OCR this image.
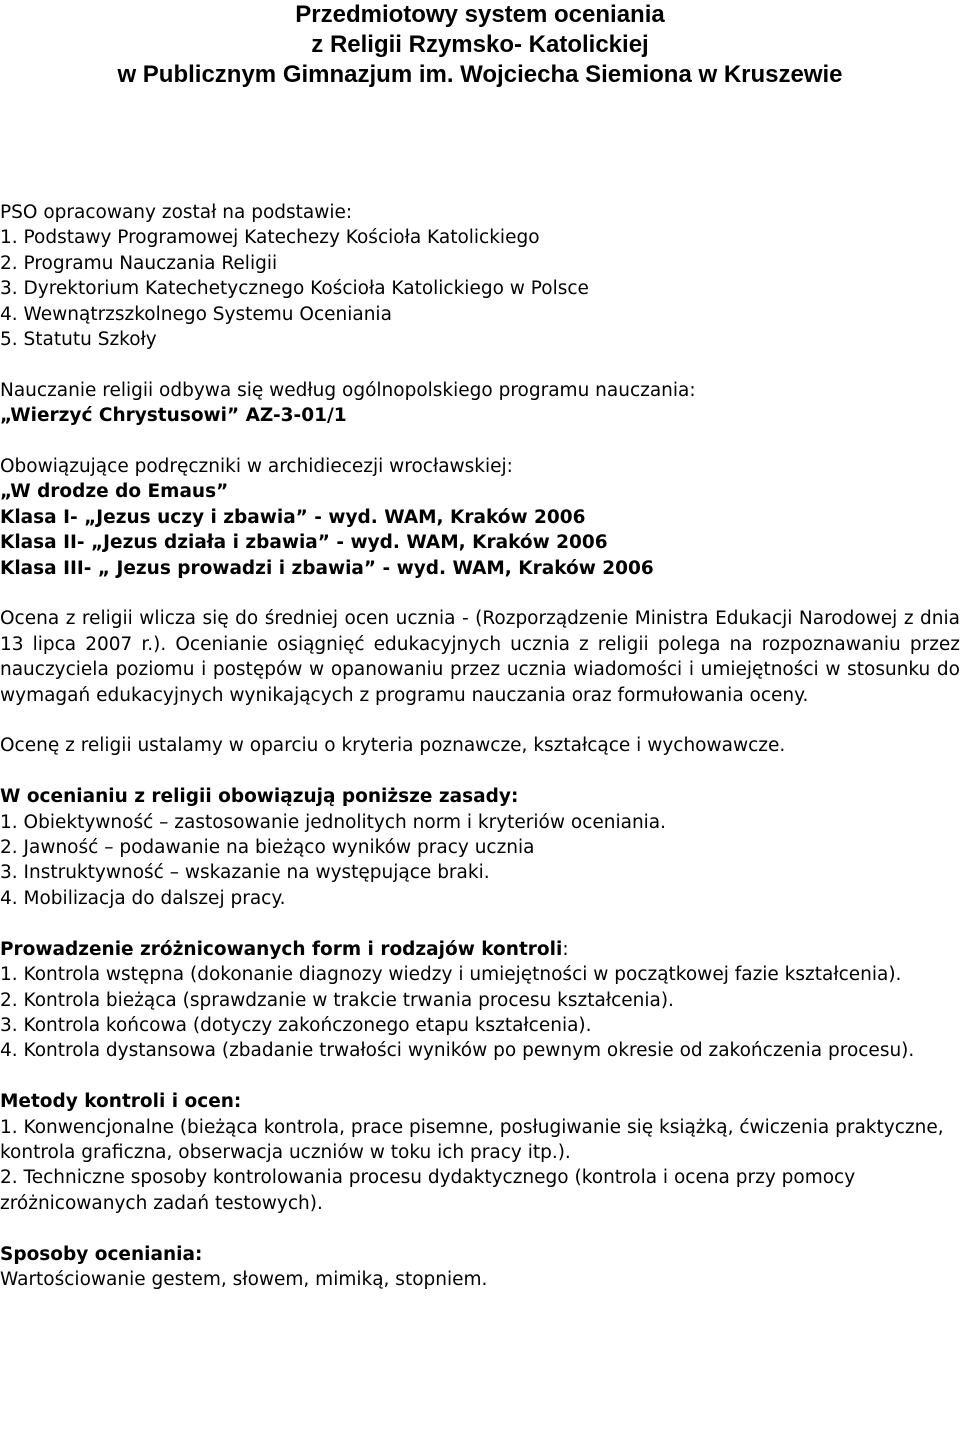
Przedmiotowy system oceniania
z Religii Rzymsko- Katolickiej
w Publicznym Gimnazjum im. Wojciecha Siemiona w Kruszewie

PSO opracowany został na podstawie:

1. Podstawy Programowej Katechezy Kościoła Katolickiego

2. Programu Nauczania Religii

3. Dyrektorium Katechetycznego Kościoła Katolickiego w Polsce

4. Wewnątrzszkolnego Systemu Oceniania

5. Statutu Szkoły

Nauczanie religii odbywa się według ogólnopolskiego programu nauczania:

„Wierzyć Chrystusowi” AZ-3-01/1

Obowiązujące podręczniki w archidiecezji wrocławskiej:

„W drodze do Emaus”

Klasa I- „Jezus uczy i zbawia” - wyd. WAM, Kraków 2006

Klasa II- „Jezus działa i zbawia” - wyd. WAM, Kraków 2006

Klasa III- „ Jezus prowadzi i zbawia” - wyd. WAM, Kraków 2006

Ocena z religii wlicza się do średniej ocen ucznia - (Rozporządzenie Ministra Edukacji Narodowej z dnia 13 lipca 2007 r.). Ocenianie osiągnięć edukacyjnych ucznia z religii polega na rozpoznawaniu przez nauczyciela poziomu i postępów w opanowaniu przez ucznia wiadomości i umiejętności w stosunku do wymagań edukacyjnych wynikających z programu nauczania oraz formułowania oceny.

Ocenę z religii ustalamy w oparciu o kryteria poznawcze, kształcące i wychowawcze.

W ocenianiu z religii obowiązują poniższe zasady:

1. Obiektywność – zastosowanie jednolitych norm i kryteriów oceniania.

2. Jawność – podawanie na bieżąco wyników pracy ucznia

3. Instruktywność – wskazanie na występujące braki.

4. Mobilizacja do dalszej pracy.

Prowadzenie zróżnicowanych form i rodzajów kontroli:

1. Kontrola wstępna (dokonanie diagnozy wiedzy i umiejętności w początkowej fazie kształcenia).

2. Kontrola bieżąca (sprawdzanie w trakcie trwania procesu kształcenia).

3. Kontrola końcowa (dotyczy zakończonego etapu kształcenia).

4. Kontrola dystansowa (zbadanie trwałości wyników po pewnym okresie od zakończenia procesu).

Metody kontroli i ocen:

1. Konwencjonalne (bieżąca kontrola, prace pisemne, posługiwanie się książką, ćwiczenia praktyczne,

kontrola graficzna, obserwacja uczniów w toku ich pracy itp.).

2. Techniczne sposoby kontrolowania procesu dydaktycznego (kontrola i ocena przy pomocy

zróżnicowanych zadań testowych).

Sposoby oceniania:

Wartościowanie gestem, słowem, mimiką, stopniem.
